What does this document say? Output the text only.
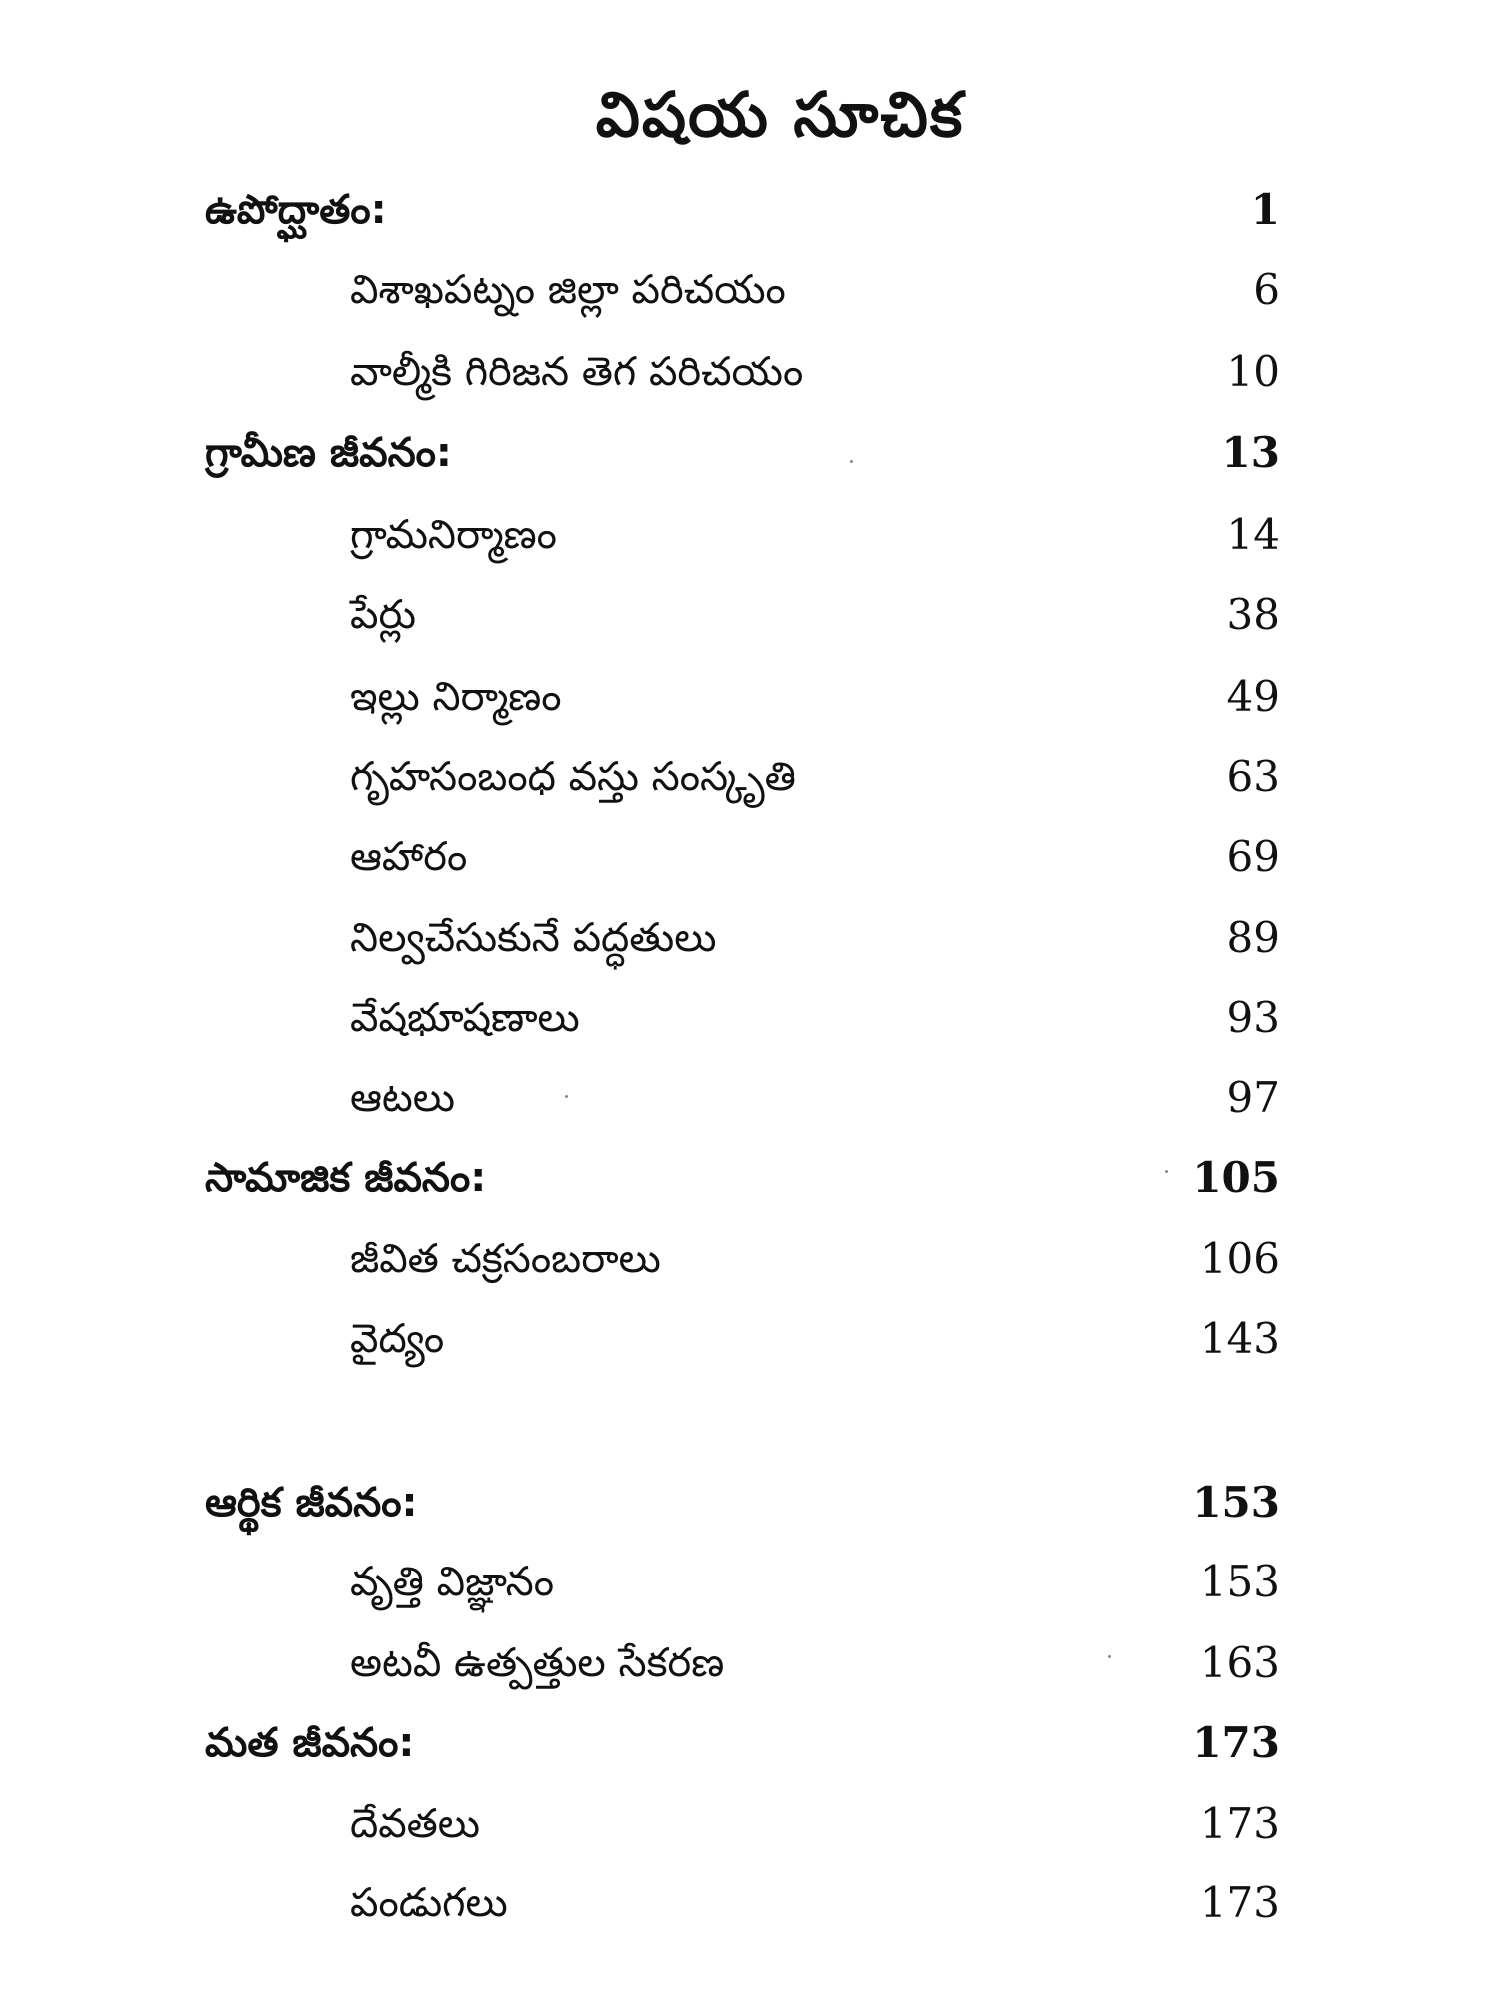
విషయ సూచిక
ఉపోద్ఘాతం:	1
విశాఖపట్నం జిల్లా పరిచయం	6
వాల్మీకి గిరిజన తెగ పరిచయం	10
గ్రామీణ జీవనం:	13
గ్రామనిర్మాణం	14
పేర్లు	38
ఇల్లు నిర్మాణం	49
గృహసంబంధ వస్తు సంస్కృతి	63
ఆహారం	69
నిల్వచేసుకునే పద్ధతులు	89
వేషభూషణాలు	93
ఆటలు	97
సామాజిక జీవనం:	105
జీవిత చక్రసంబరాలు	106
వైద్యం	143
ఆర్థిక జీవనం:	153
వృత్తి విజ్ఞానం	153
అటవీ ఉత్పత్తుల సేకరణ	163
మత జీవనం:	173
దేవతలు	173
పండుగలు	173
